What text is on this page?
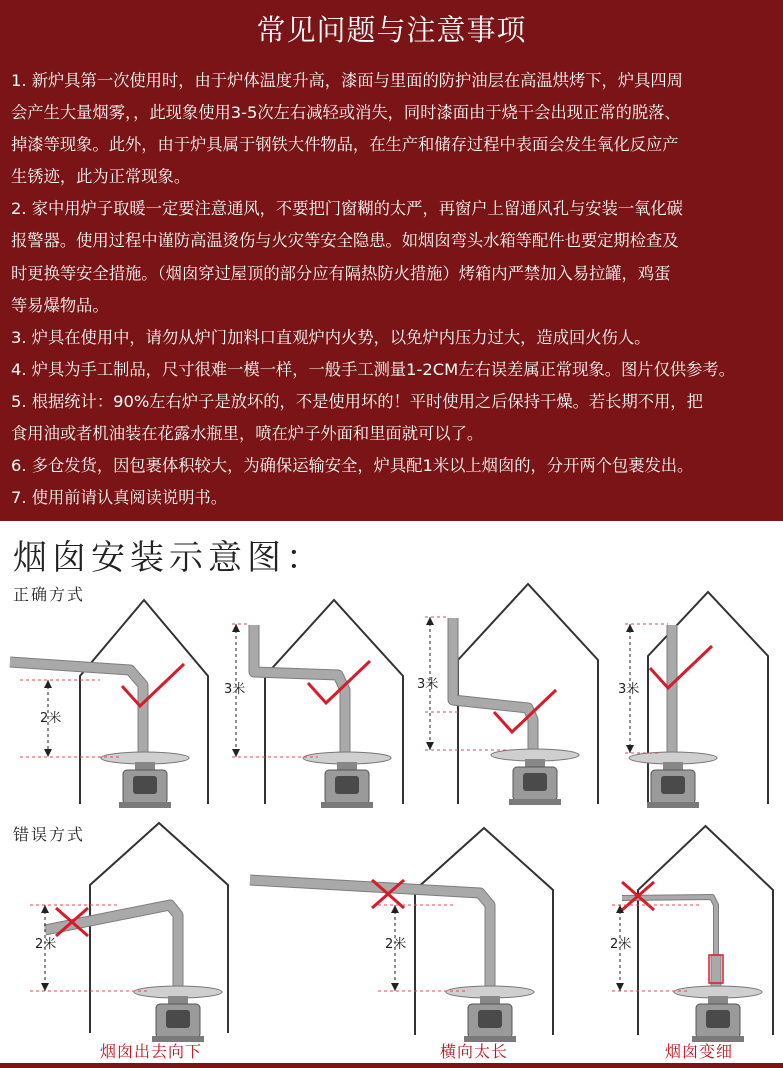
常见问题与注意事项
1. 新炉具第一次使用时，由于炉体温度升高，漆面与里面的防护油层在高温烘烤下，炉具四周
会产生大量烟雾，，此现象使用3-5次左右减轻或消失，同时漆面由于烧干会出现正常的脱落、
掉漆等现象。此外，由于炉具属于钢铁大件物品，在生产和储存过程中表面会发生氧化反应产
生锈迹，此为正常现象。
2. 家中用炉子取暖一定要注意通风，不要把门窗糊的太严，再窗户上留通风孔与安装一氧化碳
报警器。使用过程中谨防高温烫伤与火灾等安全隐患。如烟囱弯头水箱等配件也要定期检查及
时更换等安全措施。（烟囱穿过屋顶的部分应有隔热防火措施）烤箱内严禁加入易拉罐，鸡蛋
等易爆物品。
3. 炉具在使用中，请勿从炉门加料口直观炉内火势，以免炉内压力过大，造成回火伤人。
4. 炉具为手工制品，尺寸很难一模一样，一般手工测量1-2CM左右误差属正常现象。图片仅供参考。
5. 根据统计：90%左右炉子是放坏的，不是使用坏的！平时使用之后保持干燥。若长期不用，把
食用油或者机油装在花露水瓶里，喷在炉子外面和里面就可以了。
6. 多仓发货，因包裹体积较大，为确保运输安全，炉具配1米以上烟囱的，分开两个包裹发出。
7. 使用前请认真阅读说明书。
烟囱安装示意图：
正确方式
错误方式
2米
3米	3米	3米
2米	2米	2米
烟囱出去向下	横向太长	烟囱变细
